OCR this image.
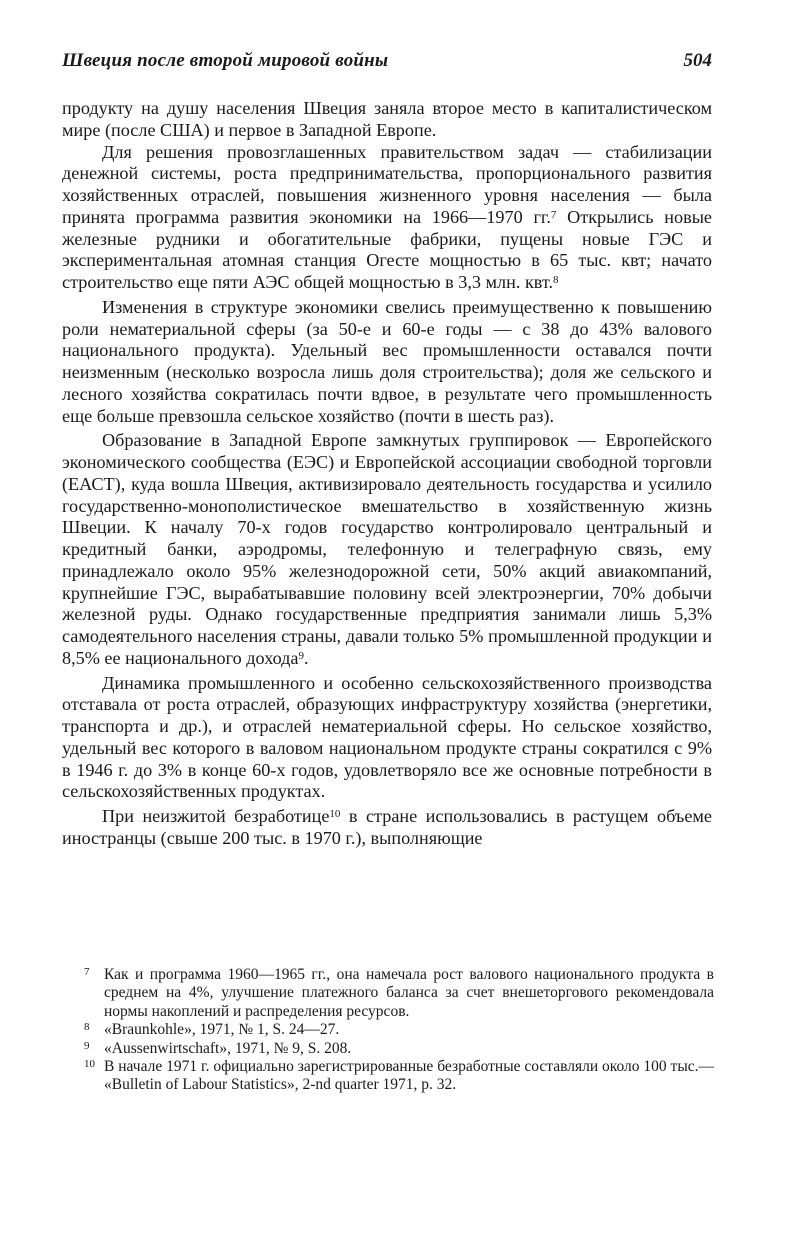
Швеция после второй мировой войны	504

продукту на душу населения Швеция заняла второе место в капиталистическом мире (после США) и первое в Западной Европе.

Для решения провозглашенных правительством задач — стабилизации денежной системы, роста предпринимательства, пропорционального развития хозяйственных отраслей, повышения жизненного уровня населения — была принята программа развития экономики на 1966—1970 гг.$^7$ Открылись новые железные рудники и обогатительные фабрики, пущены новые ГЭС и экспериментальная атомная станция Огесте мощностью в 65 тыс. квт; начато строительство еще пяти АЭС общей мощностью в 3,3 млн. квт.$^8$

Изменения в структуре экономики свелись преимущественно к повышению роли нематериальной сферы (за 50-е и 60-е годы — с 38 до 43% валового национального продукта). Удельный вес промышленности оставался почти неизменным (несколько возросла лишь доля строительства); доля же сельского и лесного хозяйства сократилась почти вдвое, в результате чего промышленность еще больше превзошла сельское хозяйство (почти в шесть раз).

Образование в Западной Европе замкнутых группировок — Европейского экономического сообщества (ЕЭС) и Европейской ассоциации свободной торговли (ЕАСТ), куда вошла Швеция, активизировало деятельность государства и усилило государственно-монополистическое вмешательство в хозяйственную жизнь Швеции. К началу 70-х годов государство контролировало центральный и кредитный банки, аэродромы, телефонную и телеграфную связь, ему принадлежало около 95% железнодорожной сети, 50% акций авиакомпаний, крупнейшие ГЭС, вырабатывавшие половину всей электроэнергии, 70% добычи железной руды. Однако государственные предприятия занимали лишь 5,3% самодеятельного населения страны, давали только 5% промышленной продукции и 8,5% ее национального дохода$^9$.

Динамика промышленного и особенно сельскохозяйственного производства отставала от роста отраслей, образующих инфраструктуру хозяйства (энергетики, транспорта и др.), и отраслей нематериальной сферы. Но сельское хозяйство, удельный вес которого в валовом национальном продукте страны сократился с 9% в 1946 г. до 3% в конце 60-х годов, удовлетворяло все же основные потребности в сельскохозяйственных продуктах.

При неизжитой безработице$^{10}$ в стране использовались в растущем объеме иностранцы (свыше 200 тыс. в 1970 г.), выполняющие

7 Как и программа 1960—1965 гг., она намечала рост валового национального продукта в среднем на 4%, улучшение платежного баланса за счет внешеторгового рекомендовала нормы накоплений и распределения ресурсов.

8 «Braunkohle», 1971, № 1, S. 24—27.

9 «Aussenwirtschaft», 1971, № 9, S. 208.

10 В начале 1971 г. официально зарегистрированные безработные составляли около 100 тыс.— «Bulletin of Labour Statistics», 2-nd quarter 1971, p. 32.
